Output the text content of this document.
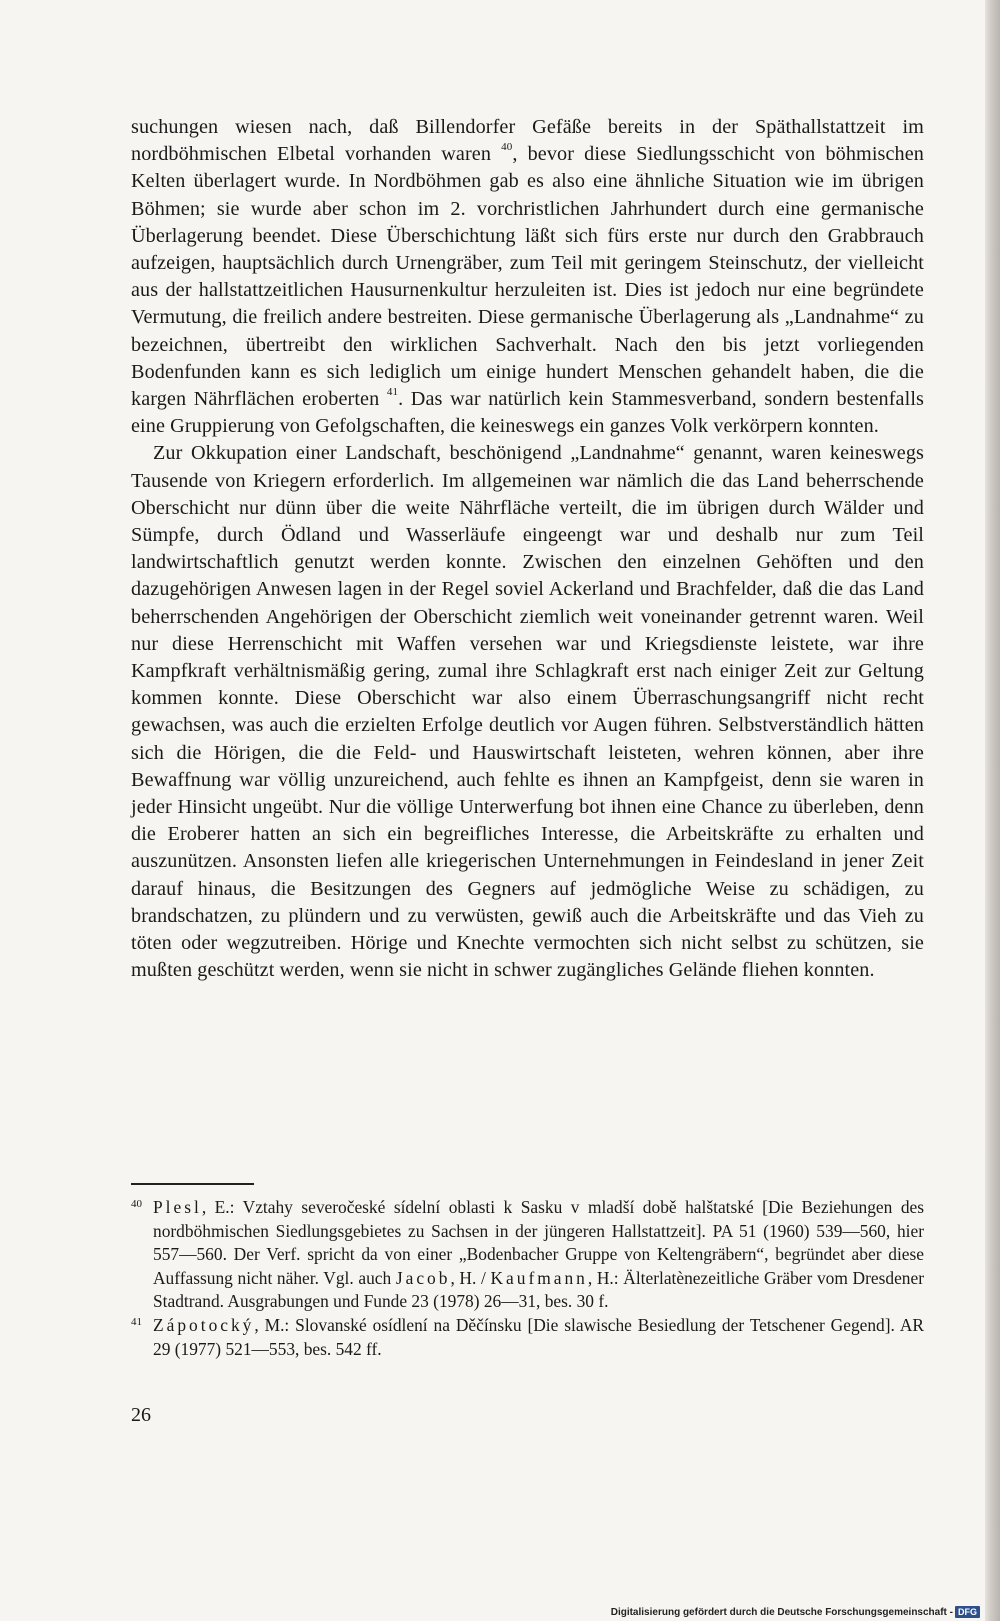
suchungen wiesen nach, daß Billendorfer Gefäße bereits in der Späthallstattzeit im nordböhmischen Elbetal vorhanden waren $^{40}$, bevor diese Siedlungsschicht von böhmischen Kelten überlagert wurde. In Nordböhmen gab es also eine ähnliche Situation wie im übrigen Böhmen; sie wurde aber schon im 2. vorchristlichen Jahrhundert durch eine germanische Überlagerung beendet. Diese Überschichtung läßt sich fürs erste nur durch den Grabbrauch aufzeigen, hauptsächlich durch Urnengräber, zum Teil mit geringem Steinschutz, der vielleicht aus der hallstattzeitlichen Hausurnenkultur herzuleiten ist. Dies ist jedoch nur eine begründete Vermutung, die freilich andere bestreiten. Diese germanische Überlagerung als „Landnahme“ zu bezeichnen, übertreibt den wirklichen Sachverhalt. Nach den bis jetzt vorliegenden Bodenfunden kann es sich lediglich um einige hundert Menschen gehandelt haben, die die kargen Nährflächen eroberten $^{41}$. Das war natürlich kein Stammesverband, sondern bestenfalls eine Gruppierung von Gefolgschaften, die keineswegs ein ganzes Volk verkörpern konnten.

Zur Okkupation einer Landschaft, beschönigend „Landnahme“ genannt, waren keineswegs Tausende von Kriegern erforderlich. Im allgemeinen war nämlich die das Land beherrschende Oberschicht nur dünn über die weite Nährfläche verteilt, die im übrigen durch Wälder und Sümpfe, durch Ödland und Wasserläufe eingeengt war und deshalb nur zum Teil landwirtschaftlich genutzt werden konnte. Zwischen den einzelnen Gehöften und den dazugehörigen Anwesen lagen in der Regel soviel Ackerland und Brachfelder, daß die das Land beherrschenden Angehörigen der Oberschicht ziemlich weit voneinander getrennt waren. Weil nur diese Herrenschicht mit Waffen versehen war und Kriegsdienste leistete, war ihre Kampfkraft verhältnismäßig gering, zumal ihre Schlagkraft erst nach einiger Zeit zur Geltung kommen konnte. Diese Oberschicht war also einem Überraschungsangriff nicht recht gewachsen, was auch die erzielten Erfolge deutlich vor Augen führen. Selbstverständlich hätten sich die Hörigen, die die Feld- und Hauswirtschaft leisteten, wehren können, aber ihre Bewaffnung war völlig unzureichend, auch fehlte es ihnen an Kampfgeist, denn sie waren in jeder Hinsicht ungeübt. Nur die völlige Unterwerfung bot ihnen eine Chance zu überleben, denn die Eroberer hatten an sich ein begreifliches Interesse, die Arbeitskräfte zu erhalten und auszunützen. Ansonsten liefen alle kriegerischen Unternehmungen in Feindesland in jener Zeit darauf hinaus, die Besitzungen des Gegners auf jedmögliche Weise zu schädigen, zu brandschatzen, zu plündern und zu verwüsten, gewiß auch die Arbeitskräfte und das Vieh zu töten oder wegzutreiben. Hörige und Knechte vermochten sich nicht selbst zu schützen, sie mußten geschützt werden, wenn sie nicht in schwer zugängliches Gelände fliehen konnten.

40 Plesl, E.: Vztahy severočeské sídelní oblasti k Sasku v mladší době halštatské [Die Beziehungen des nordböhmischen Siedlungsgebietes zu Sachsen in der jüngeren Hallstattzeit]. PA 51 (1960) 539—560, hier 557—560. Der Verf. spricht da von einer „Bodenbacher Gruppe von Keltengräbern“, begründet aber diese Auffassung nicht näher. Vgl. auch Jacob, H. / Kaufmann, H.: Älterlatènezeitliche Gräber vom Dresdener Stadtrand. Ausgrabungen und Funde 23 (1978) 26—31, bes. 30 f.
41 Zápotocký, M.: Slovanské osídlení na Děčínsku [Die slawische Besiedlung der Tetschener Gegend]. AR 29 (1977) 521—553, bes. 542 ff.
26
Digitalisierung gefördert durch die Deutsche Forschungsgemeinschaft - DFG
